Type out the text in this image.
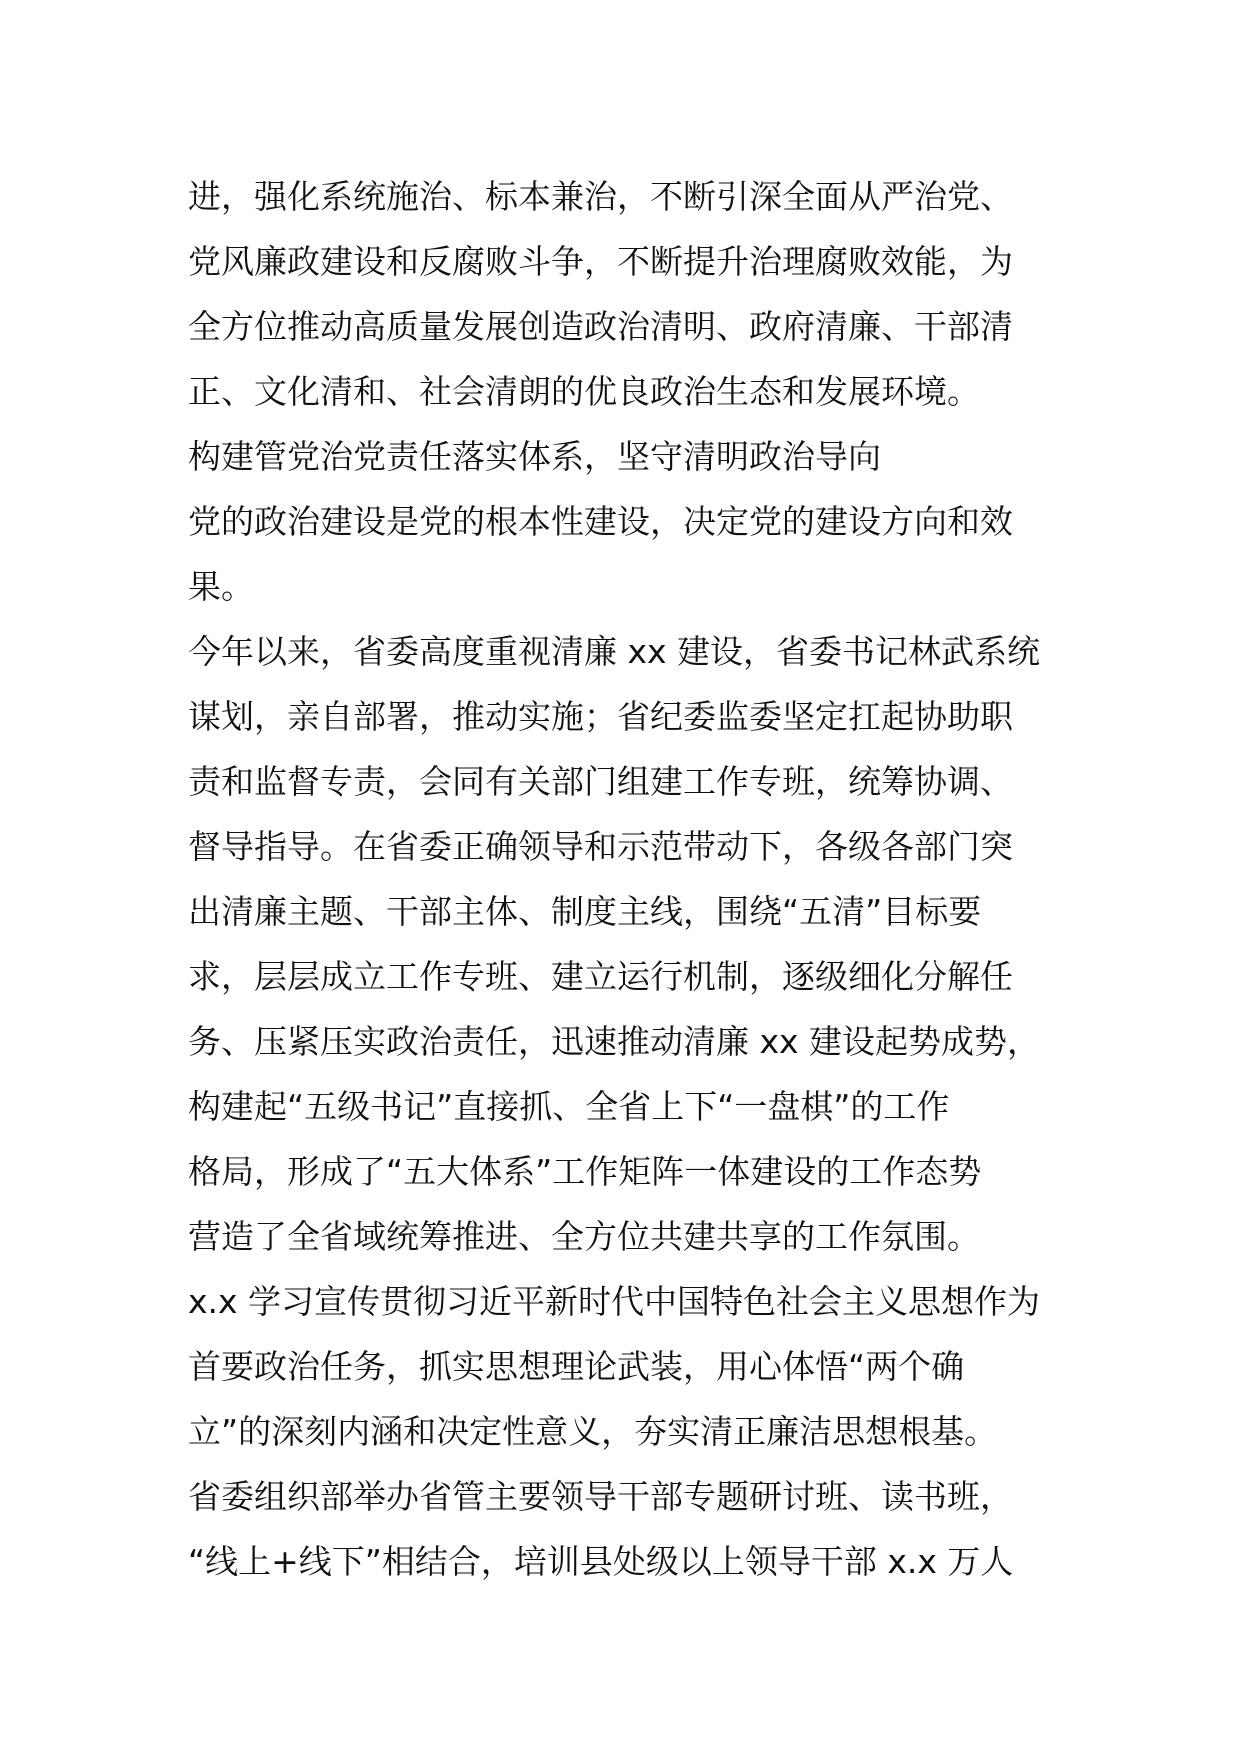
进，强化系统施治、标本兼治，不断引深全面从严治党、
党风廉政建设和反腐败斗争，不断提升治理腐败效能，为
全方位推动高质量发展创造政治清明、政府清廉、干部清
正、文化清和、社会清朗的优良政治生态和发展环境。
构建管党治党责任落实体系，坚守清明政治导向
党的政治建设是党的根本性建设，决定党的建设方向和效
果。
今年以来，省委高度重视清廉 xx 建设，省委书记林武系统
谋划，亲自部署，推动实施；省纪委监委坚定扛起协助职
责和监督专责，会同有关部门组建工作专班，统筹协调、
督导指导。在省委正确领导和示范带动下，各级各部门突
出清廉主题、干部主体、制度主线，围绕“五清”目标要
求，层层成立工作专班、建立运行机制，逐级细化分解任
务、压紧压实政治责任，迅速推动清廉 xx 建设起势成势，
构建起“五级书记”直接抓、全省上下“一盘棋”的工作
格局，形成了“五大体系”工作矩阵一体建设的工作态势
营造了全省域统筹推进、全方位共建共享的工作氛围。
x.x 学习宣传贯彻习近平新时代中国特色社会主义思想作为
首要政治任务，抓实思想理论武装，用心体悟“两个确
立”的深刻内涵和决定性意义，夯实清正廉洁思想根基。
省委组织部举办省管主要领导干部专题研讨班、读书班，
“线上+线下”相结合，培训县处级以上领导干部 x.x 万人
